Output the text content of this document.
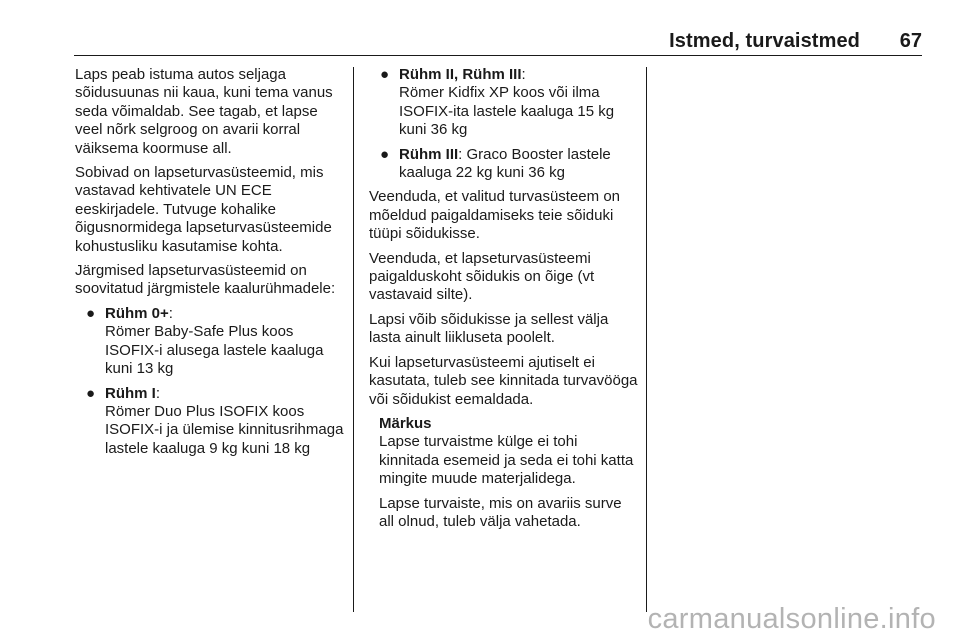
Istmed, turvaistmed 67

Laps peab istuma autos seljaga sõidusuunas nii kaua, kuni tema vanus seda võimaldab. See tagab, et lapse veel nõrk selgroog on avarii korral väiksema koormuse all.

Sobivad on lapseturvasüsteemid, mis vastavad kehtivatele UN ECE eeskirjadele. Tutvuge kohalike õigusnormidega lapseturvasüsteemide kohustusliku kasutamise kohta.

Järgmised lapseturvasüsteemid on soovitatud järgmistele kaalurühmadele:

● Rühm 0+:
Römer Baby-Safe Plus koos ISOFIX-i alusega lastele kaaluga kuni 13 kg
● Rühm I:
Römer Duo Plus ISOFIX koos ISOFIX-i ja ülemise kinnitusrihmaga lastele kaaluga 9 kg kuni 18 kg
● Rühm II, Rühm III:
Römer Kidfix XP koos või ilma ISOFIX-ita lastele kaaluga 15 kg kuni 36 kg
● Rühm III: Graco Booster lastele kaaluga 22 kg kuni 36 kg

Veenduda, et valitud turvasüsteem on mõeldud paigaldamiseks teie sõiduki tüüpi sõidukisse.

Veenduda, et lapseturvasüsteemi paigalduskoht sõidukis on õige (vt vastavaid silte).

Lapsi võib sõidukisse ja sellest välja lasta ainult liikluseta poolelt.

Kui lapseturvasüsteemi ajutiselt ei kasutata, tuleb see kinnitada turvavööga või sõidukist eemaldada.

Märkus

Lapse turvaistme külge ei tohi kinnitada esemeid ja seda ei tohi katta mingite muude materjalidega.

Lapse turvaiste, mis on avariis surve all olnud, tuleb välja vahetada.

carmanualsonline.info
